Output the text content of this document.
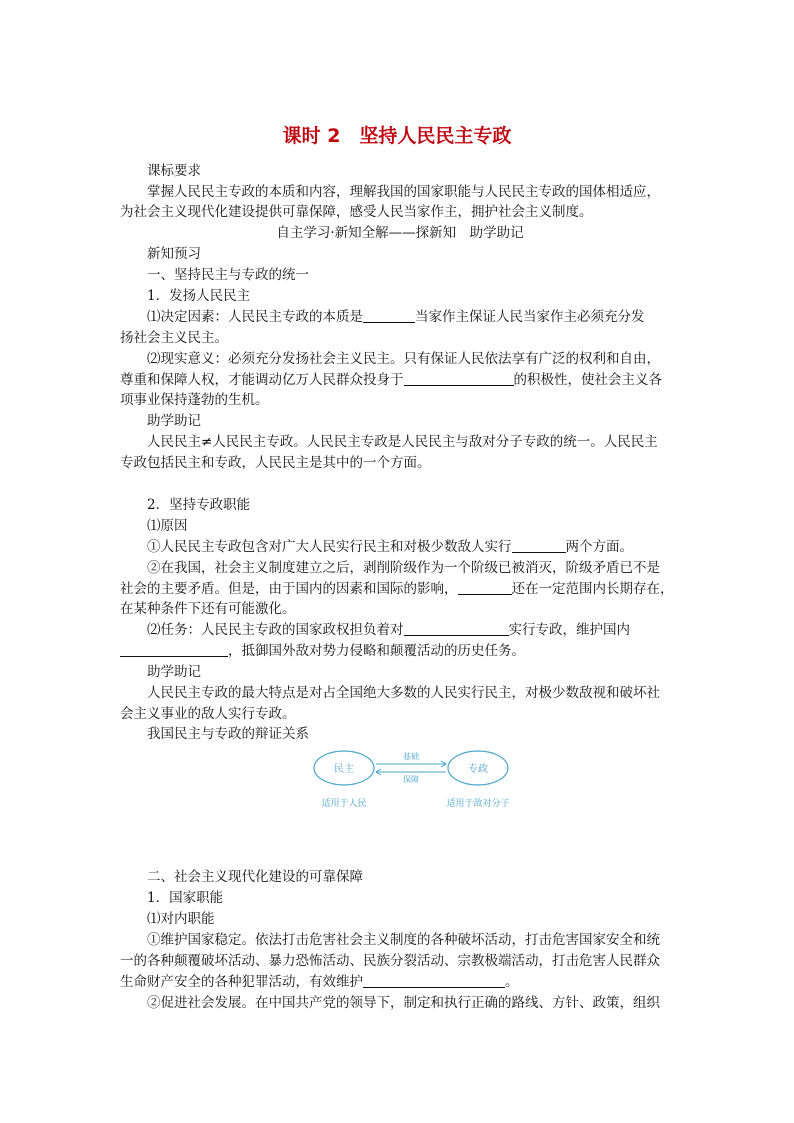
课时 2　坚持人民民主专政
课标要求
掌握人民民主专政的本质和内容，理解我国的国家职能与人民民主专政的国体相适应，
为社会主义现代化建设提供可靠保障，感受人民当家作主，拥护社会主义制度。
自主学习·新知全解——探新知　助学助记
新知预习
一、坚持民主与专政的统一
1．发扬人民民主
⑴决定因素：人民民主专政的本质是	当家作主保证人民当家作主必须充分发
扬社会主义民主。
⑵现实意义：必须充分发扬社会主义民主。只有保证人民依法享有广泛的权利和自由，
尊重和保障人权，才能调动亿万人民群众投身于	的积极性，使社会主义各
项事业保持蓬勃的生机。
助学助记
人民民主≠人民民主专政。人民民主专政是人民民主与敌对分子专政的统一。人民民主
专政包括民主和专政，人民民主是其中的一个方面。
2．坚持专政职能
⑴原因
①人民民主专政包含对广大人民实行民主和对极少数敌人实行	两个方面。
②在我国，社会主义制度建立之后，剥削阶级作为一个阶级已被消灭，阶级矛盾已不是
社会的主要矛盾。但是，由于国内的因素和国际的影响，	还在一定范围内长期存在，
在某种条件下还有可能激化。
⑵任务：人民民主专政的国家政权担负着对	实行专政，维护国内
，抵御国外敌对势力侵略和颠覆活动的历史任务。
助学助记
人民民主专政的最大特点是对占全国绝大多数的人民实行民主，对极少数敌视和破坏社
会主义事业的敌人实行专政。
我国民主与专政的辩证关系
民主	专政
基础
保障
适用于人民	适用于敌对分子
二、社会主义现代化建设的可靠保障
1．国家职能
⑴对内职能
①维护国家稳定。依法打击危害社会主义制度的各种破坏活动，打击危害国家安全和统
一的各种颠覆破坏活动、暴力恐怖活动、民族分裂活动、宗教极端活动，打击危害人民群众
生命财产安全的各种犯罪活动，有效维护	。
②促进社会发展。在中国共产党的领导下，制定和执行正确的路线、方针、政策，组织
